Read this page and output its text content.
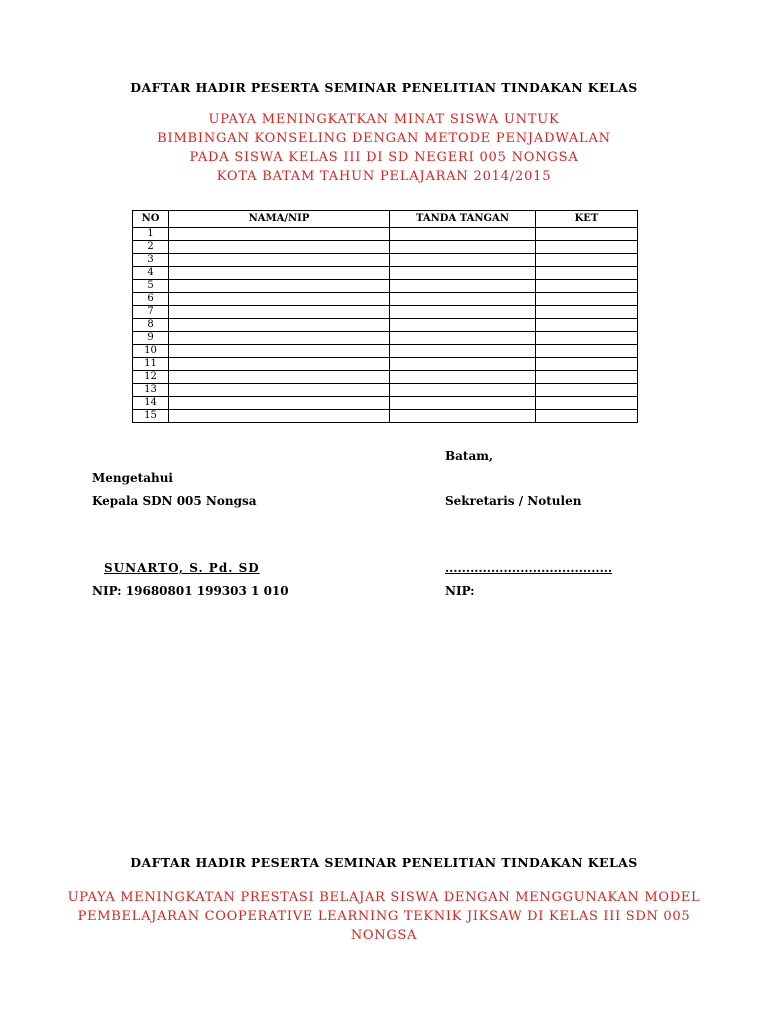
DAFTAR HADIR PESERTA SEMINAR PENELITIAN TINDAKAN KELAS
UPAYA MENINGKATKAN MINAT SISWA UNTUK
BIMBINGAN KONSELING DENGAN METODE PENJADWALAN
PADA SISWA KELAS III DI SD NEGERI 005 NONGSA
KOTA BATAM TAHUN PELAJARAN 2014/2015
NO	NAMA/NIP	TANDA TANGAN	KET
1			
2			
3			
4			
5			
6			
7			
8			
9			
10			
11			
12			
13			
14			
15			
Batam,
Mengetahui
Kepala SDN 005 Nongsa	Sekretaris / Notulen
SUNARTO, S. Pd. SD	........................................
NIP: 19680801 199303 1 010	NIP:
DAFTAR HADIR PESERTA SEMINAR PENELITIAN TINDAKAN KELAS
UPAYA MENINGKATAN PRESTASI BELAJAR SISWA DENGAN MENGGUNAKAN MODEL
PEMBELAJARAN COOPERATIVE LEARNING TEKNIK JIKSAW DI KELAS III SDN 005
NONGSA
